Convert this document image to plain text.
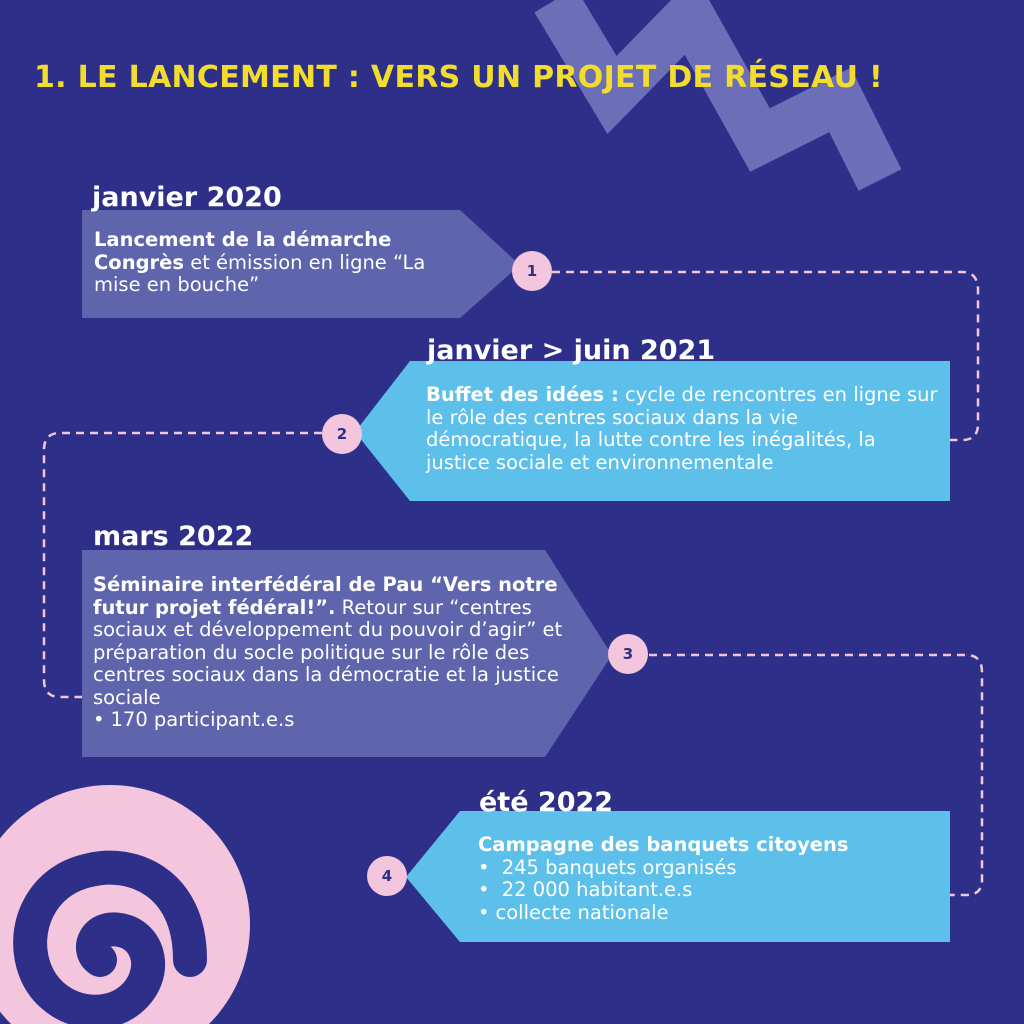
1. LE LANCEMENT : VERS UN PROJET DE RÉSEAU !
janvier 2020

Lancement de la démarche Congrès et émission en ligne “La mise en bouche”

1
janvier > juin 2021

Buffet des idées : cycle de rencontres en ligne sur le rôle des centres sociaux dans la vie démocratique, la lutte contre les inégalités, la justice sociale et environnementale

2
mars 2022

Séminaire interfédéral de Pau “Vers notre futur projet fédéral!”. Retour sur “centres sociaux et développement du pouvoir d’agir” et préparation du socle politique sur le rôle des centres sociaux dans la démocratie et la justice sociale

• 170 participant.e.s

3
été 2022

Campagne des banquets citoyens

• 245 banquets organisés

• 22 000 habitant.e.s

• collecte nationale

4
